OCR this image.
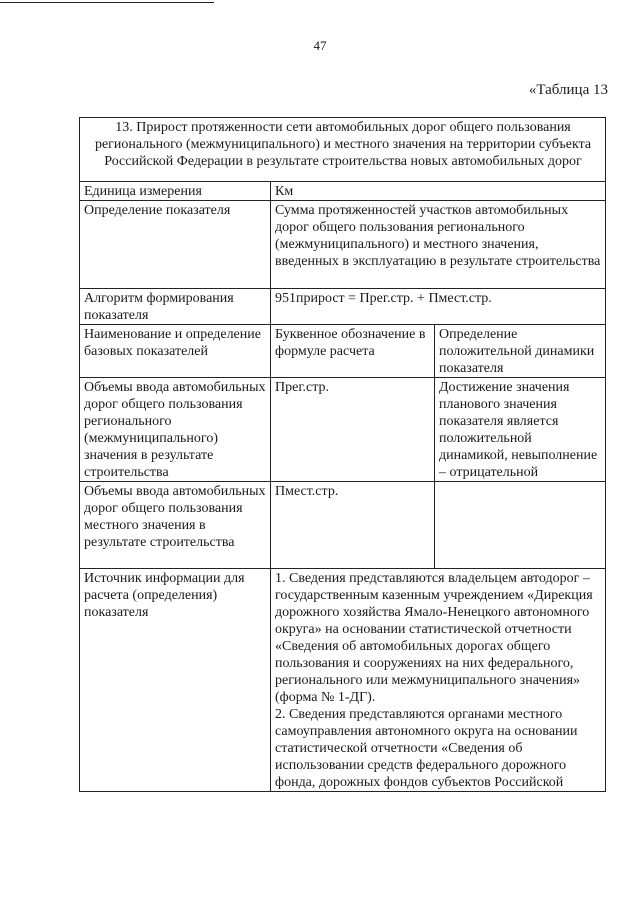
47
«Таблица 13
13. Прирост протяженности сети автомобильных дорог общего пользования регионального (межмуниципального) и местного значения на территории субъекта Российской Федерации в результате строительства новых автомобильных дорог		
Единица измерения	Км	
Определение показателя	Сумма протяженностей участков автомобильных дорог общего пользования регионального (межмуниципального) и местного значения, введенных в эксплуатацию в результате строительства	
Алгоритм формирования показателя	951прирост = Прег.стр. + Пмест.стр.	
Наименование и определение базовых показателей	Буквенное обозначение в формуле расчета	Определение положительной динамики показателя
Объемы ввода автомобильных дорог общего пользования регионального (межмуниципального) значения в результате строительства	Прег.стр.	Достижение значения планового значения показателя является положительной динамикой, невыполнение – отрицательной
Объемы ввода автомобильных дорог общего пользования местного значения в результате строительства	Пмест.стр.	
Источник информации для расчета (определения) показателя	1. Сведения представляются владельцем автодорог – государственным казенным учреждением «Дирекция дорожного хозяйства Ямало-Ненецкого автономного округа» на основании статистической отчетности «Сведения об автомобильных дорогах общего пользования и сооружениях на них федерального, регионального или межмуниципального значения»
(форма № 1-ДГ).
2. Сведения представляются органами местного самоуправления автономного округа на основании статистической отчетности «Сведения об использовании средств федерального дорожного фонда, дорожных фондов субъектов Российской	
